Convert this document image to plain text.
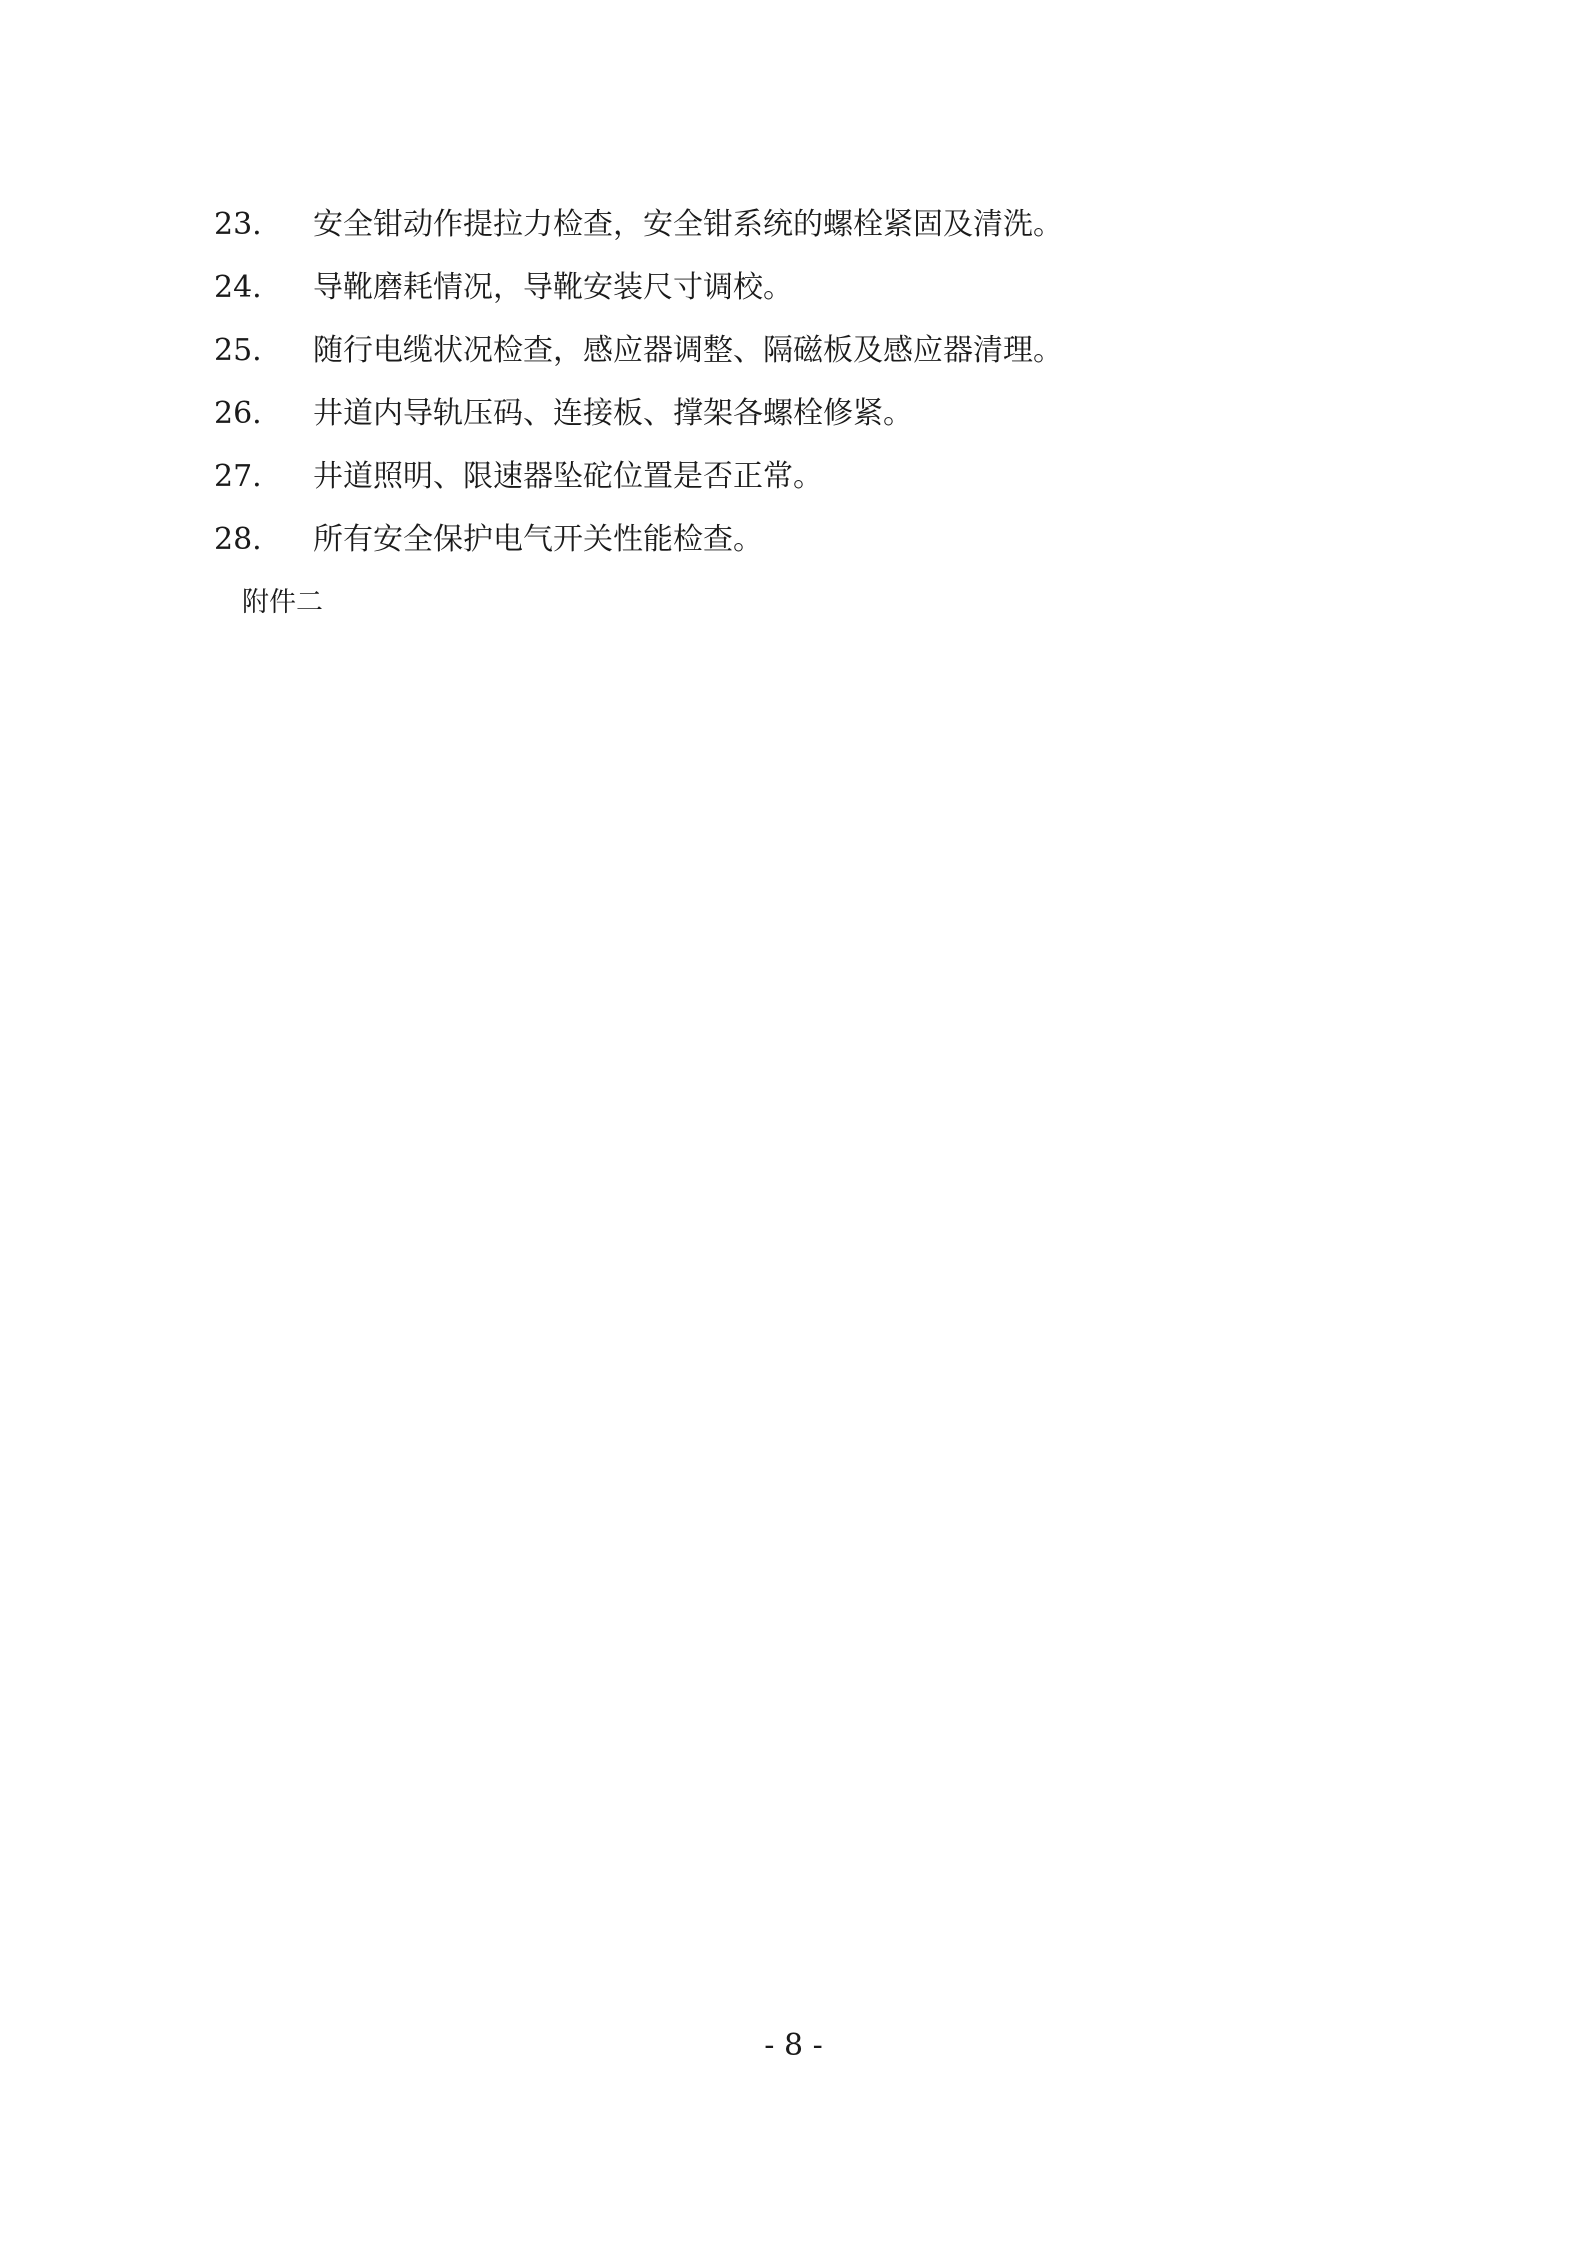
23. 安全钳动作提拉力检查，安全钳系统的螺栓紧固及清洗。
24. 导靴磨耗情况，导靴安装尺寸调校。
25. 随行电缆状况检查，感应器调整、隔磁板及感应器清理。
26. 井道内导轨压码、连接板、撑架各螺栓修紧。
27. 井道照明、限速器坠砣位置是否正常。
28. 所有安全保护电气开关性能检查。
附件二
- 8 -
